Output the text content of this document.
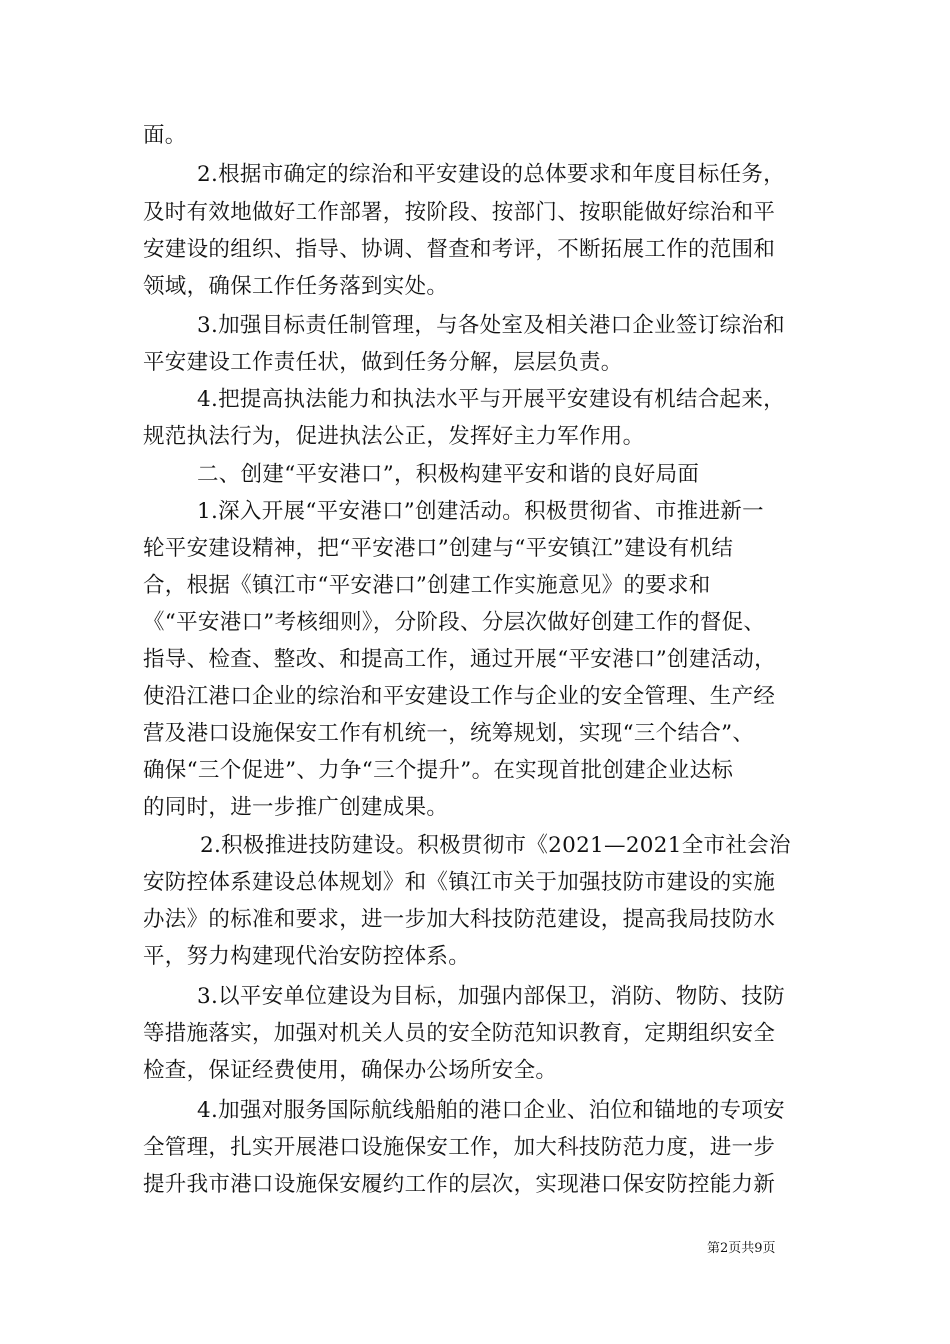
面。
2.根据市确定的综治和平安建设的总体要求和年度目标任务，
及时有效地做好工作部署，按阶段、按部门、按职能做好综治和平
安建设的组织、指导、协调、督查和考评，不断拓展工作的范围和
领域，确保工作任务落到实处。
3.加强目标责任制管理，与各处室及相关港口企业签订综治和
平安建设工作责任状，做到任务分解，层层负责。
4.把提高执法能力和执法水平与开展平安建设有机结合起来，
规范执法行为，促进执法公正，发挥好主力军作用。
二、创建“平安港口”，积极构建平安和谐的良好局面
1.深入开展“平安港口”创建活动。积极贯彻省、市推进新一
轮平安建设精神，把“平安港口”创建与“平安镇江”建设有机结
合，根据《镇江市“平安港口”创建工作实施意见》的要求和
《“平安港口”考核细则》，分阶段、分层次做好创建工作的督促、
指导、检查、整改、和提高工作，通过开展“平安港口”创建活动，
使沿江港口企业的综治和平安建设工作与企业的安全管理、生产经
营及港口设施保安工作有机统一，统筹规划，实现“三个结合”、
确保“三个促进”、力争“三个提升”。在实现首批创建企业达标
的同时，进一步推广创建成果。
2.积极推进技防建设。积极贯彻市《2021—2021全市社会治
安防控体系建设总体规划》和《镇江市关于加强技防市建设的实施
办法》的标准和要求，进一步加大科技防范建设，提高我局技防水
平，努力构建现代治安防控体系。
3.以平安单位建设为目标，加强内部保卫，消防、物防、技防
等措施落实，加强对机关人员的安全防范知识教育，定期组织安全
检查，保证经费使用，确保办公场所安全。
4.加强对服务国际航线船舶的港口企业、泊位和锚地的专项安
全管理，扎实开展港口设施保安工作，加大科技防范力度，进一步
提升我市港口设施保安履约工作的层次，实现港口保安防控能力新
第2页共9页
